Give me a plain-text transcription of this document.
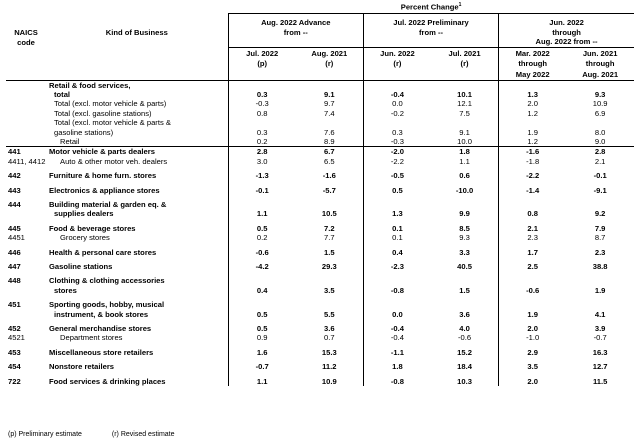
		Percent Change$^1$
		Aug. 2022 Advance		Jul. 2022 Preliminary		Jun. 2022	
NAICS	Kind of Business	from --		from --		through	
code						Aug. 2022 from --	
		Jul. 2022	Aug. 2021	Jun. 2022	Jul. 2021	Mar. 2022	Jun. 2021
		(p)	(r)	(r)	(r)	through	through
						May 2022	Aug. 2021
	Retail & food services,						
	total	0.3	9.1	-0.4	10.1	1.3	9.3
	Total (excl. motor vehicle & parts)	-0.3	9.7	0.0	12.1	2.0	10.9
	Total (excl. gasoline stations)	0.8	7.4	-0.2	7.5	1.2	6.9
	Total (excl. motor vehicle & parts &						
	gasoline stations)	0.3	7.6	0.3	9.1	1.9	8.0
	Retail	0.2	8.9	-0.3	10.0	1.2	9.0
441	Motor vehicle & parts dealers	2.8	6.7	-2.0	1.8	-1.6	2.8
4411, 4412	Auto & other motor veh. dealers	3.0	6.5	-2.2	1.1	-1.8	2.1

442	Furniture & home furn. stores	-1.3	-1.6	-0.5	0.6	-2.2	-0.1

443	Electronics & appliance stores	-0.1	-5.7	0.5	-10.0	-1.4	-9.1

444	Building material & garden eq. &						
	supplies dealers	1.1	10.5	1.3	9.9	0.8	9.2

445	Food & beverage stores	0.5	7.2	0.1	8.5	2.1	7.9
4451	Grocery stores	0.2	7.7	0.1	9.3	2.3	8.7

446	Health & personal care stores	-0.6	1.5	0.4	3.3	1.7	2.3

447	Gasoline stations	-4.2	29.3	-2.3	40.5	2.5	38.8

448	Clothing & clothing accessories						
	stores	0.4	3.5	-0.8	1.5	-0.6	1.9

451	Sporting goods, hobby, musical						
	instrument, & book stores	0.5	5.5	0.0	3.6	1.9	4.1

452	General merchandise stores	0.5	3.6	-0.4	4.0	2.0	3.9
4521	Department stores	0.9	0.7	-0.4	-0.6	-1.0	-0.7

453	Miscellaneous store retailers	1.6	15.3	-1.1	15.2	2.9	16.3

454	Nonstore retailers	-0.7	11.2	1.8	18.4	3.5	12.7

722	Food services & drinking places	1.1	10.9	-0.8	10.3	2.0	11.5
(p) Preliminary estimate	(r) Revised estimate
